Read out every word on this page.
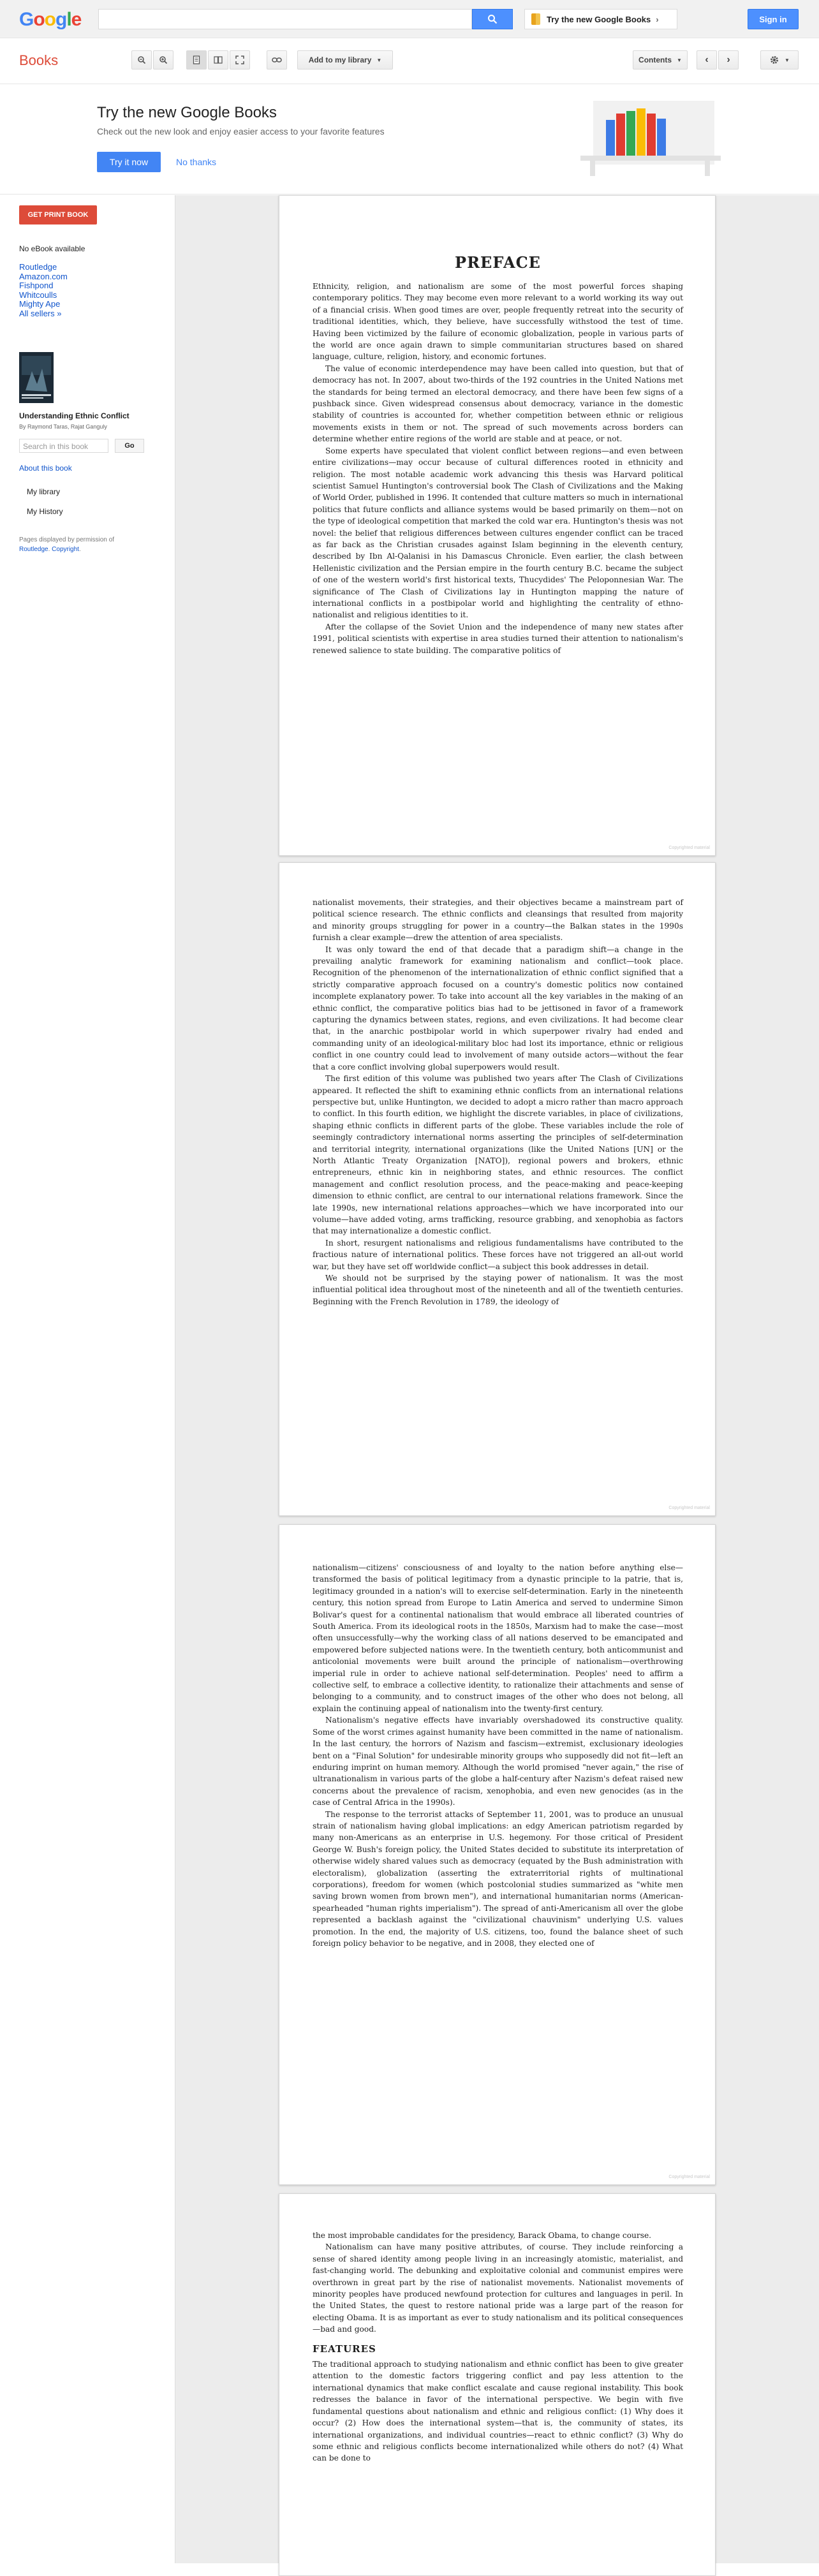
Google	Try the new Google Books ›	Sign in
Books	Add to my library ▼	Contents ▼ ‹ ›	▼
Try the new Google Books

Check out the new look and enjoy easier access to your favorite features

Try it now	No thanks
GET PRINT BOOK
No eBook available
Routledge
Amazon.com
Fishpond
Whitcoulls
Mighty Ape
All sellers »
Understanding Ethnic Conflict
By Raymond Taras, Rajat Ganguly
Search in this book	Go
About this book
My library
My History
Pages displayed by permission of
Routledge. Copyright.
PREFACE

Ethnicity, religion, and nationalism are some of the most powerful forces shaping contemporary politics. They may become even more relevant to a world working its way out of a financial crisis. When good times are over, people frequently retreat into the security of traditional identities, which, they believe, have successfully withstood the test of time. Having been victimized by the failure of economic globalization, people in various parts of the world are once again drawn to simple communitarian structures based on shared language, culture, religion, history, and economic fortunes.

The value of economic interdependence may have been called into question, but that of democracy has not. In 2007, about two-thirds of the 192 countries in the United Nations met the standards for being termed an electoral democracy, and there have been few signs of a pushback since. Given widespread consensus about democracy, variance in the domestic stability of countries is accounted for, whether competition between ethnic or religious movements exists in them or not. The spread of such movements across borders can determine whether entire regions of the world are stable and at peace, or not.

Some experts have speculated that violent conflict between regions—and even between entire civilizations—may occur because of cultural differences rooted in ethnicity and religion. The most notable academic work advancing this thesis was Harvard political scientist Samuel Huntington's controversial book The Clash of Civilizations and the Making of World Order, published in 1996. It contended that culture matters so much in international politics that future conflicts and alliance systems would be based primarily on them—not on the type of ideological competition that marked the cold war era. Huntington's thesis was not novel: the belief that religious differences between cultures engender conflict can be traced as far back as the Christian crusades against Islam beginning in the eleventh century, described by Ibn Al-Qalanisi in his Damascus Chronicle. Even earlier, the clash between Hellenistic civilization and the Persian empire in the fourth century B.C. became the subject of one of the western world's first historical texts, Thucydides' The Peloponnesian War. The significance of The Clash of Civilizations lay in Huntington mapping the nature of international conflicts in a postbipolar world and highlighting the centrality of ethno-nationalist and religious identities to it.

After the collapse of the Soviet Union and the independence of many new states after 1991, political scientists with expertise in area studies turned their attention to nationalism's renewed salience to state building. The comparative politics of

Copyrighted material

nationalist movements, their strategies, and their objectives became a mainstream part of political science research. The ethnic conflicts and cleansings that resulted from majority and minority groups struggling for power in a country—the Balkan states in the 1990s furnish a clear example—drew the attention of area specialists.

It was only toward the end of that decade that a paradigm shift—a change in the prevailing analytic framework for examining nationalism and conflict—took place. Recognition of the phenomenon of the internationalization of ethnic conflict signified that a strictly comparative approach focused on a country's domestic politics now contained incomplete explanatory power. To take into account all the key variables in the making of an ethnic conflict, the comparative politics bias had to be jettisoned in favor of a framework capturing the dynamics between states, regions, and even civilizations. It had become clear that, in the anarchic postbipolar world in which superpower rivalry had ended and commanding unity of an ideological-military bloc had lost its importance, ethnic or religious conflict in one country could lead to involvement of many outside actors—without the fear that a core conflict involving global superpowers would result.

The first edition of this volume was published two years after The Clash of Civilizations appeared. It reflected the shift to examining ethnic conflicts from an international relations perspective but, unlike Huntington, we decided to adopt a micro rather than macro approach to conflict. In this fourth edition, we highlight the discrete variables, in place of civilizations, shaping ethnic conflicts in different parts of the globe. These variables include the role of seemingly contradictory international norms asserting the principles of self-determination and territorial integrity, international organizations (like the United Nations [UN] or the North Atlantic Treaty Organization [NATO]), regional powers and brokers, ethnic entrepreneurs, ethnic kin in neighboring states, and ethnic resources. The conflict management and conflict resolution process, and the peace-making and peace-keeping dimension to ethnic conflict, are central to our international relations framework. Since the late 1990s, new international relations approaches—which we have incorporated into our volume—have added voting, arms trafficking, resource grabbing, and xenophobia as factors that may internationalize a domestic conflict.

In short, resurgent nationalisms and religious fundamentalisms have contributed to the fractious nature of international politics. These forces have not triggered an all-out world war, but they have set off worldwide conflict—a subject this book addresses in detail.

We should not be surprised by the staying power of nationalism. It was the most influential political idea throughout most of the nineteenth and all of the twentieth centuries. Beginning with the French Revolution in 1789, the ideology of

Copyrighted material

nationalism—citizens' consciousness of and loyalty to the nation before anything else—transformed the basis of political legitimacy from a dynastic principle to la patrie, that is, legitimacy grounded in a nation's will to exercise self-determination. Early in the nineteenth century, this notion spread from Europe to Latin America and served to undermine Simon Bolivar's quest for a continental nationalism that would embrace all liberated countries of South America. From its ideological roots in the 1850s, Marxism had to make the case—most often unsuccessfully—why the working class of all nations deserved to be emancipated and empowered before subjected nations were. In the twentieth century, both anticommunist and anticolonial movements were built around the principle of nationalism—overthrowing imperial rule in order to achieve national self-determination. Peoples' need to affirm a collective self, to embrace a collective identity, to rationalize their attachments and sense of belonging to a community, and to construct images of the other who does not belong, all explain the continuing appeal of nationalism into the twenty-first century.

Nationalism's negative effects have invariably overshadowed its constructive quality. Some of the worst crimes against humanity have been committed in the name of nationalism. In the last century, the horrors of Nazism and fascism—extremist, exclusionary ideologies bent on a "Final Solution" for undesirable minority groups who supposedly did not fit—left an enduring imprint on human memory. Although the world promised "never again," the rise of ultranationalism in various parts of the globe a half-century after Nazism's defeat raised new concerns about the prevalence of racism, xenophobia, and even new genocides (as in the case of Central Africa in the 1990s).

The response to the terrorist attacks of September 11, 2001, was to produce an unusual strain of nationalism having global implications: an edgy American patriotism regarded by many non-Americans as an enterprise in U.S. hegemony. For those critical of President George W. Bush's foreign policy, the United States decided to substitute its interpretation of otherwise widely shared values such as democracy (equated by the Bush administration with electoralism), globalization (asserting the extraterritorial rights of multinational corporations), freedom for women (which postcolonial studies summarized as "white men saving brown women from brown men"), and international humanitarian norms (American-spearheaded "human rights imperialism"). The spread of anti-Americanism all over the globe represented a backlash against the "civilizational chauvinism" underlying U.S. values promotion. In the end, the majority of U.S. citizens, too, found the balance sheet of such foreign policy behavior to be negative, and in 2008, they elected one of

Copyrighted material

the most improbable candidates for the presidency, Barack Obama, to change course.

Nationalism can have many positive attributes, of course. They include reinforcing a sense of shared identity among people living in an increasingly atomistic, materialist, and fast-changing world. The debunking and exploitative colonial and communist empires were overthrown in great part by the rise of nationalist movements. Nationalist movements of minority peoples have produced newfound protection for cultures and languages in peril. In the United States, the quest to restore national pride was a large part of the reason for electing Obama. It is as important as ever to study nationalism and its political consequences—bad and good.

FEATURES

The traditional approach to studying nationalism and ethnic conflict has been to give greater attention to the domestic factors triggering conflict and pay less attention to the international dynamics that make conflict escalate and cause regional instability. This book redresses the balance in favor of the international perspective. We begin with five fundamental questions about nationalism and ethnic and religious conflict: (1) Why does it occur? (2) How does the international system—that is, the community of states, its international organizations, and individual countries—react to ethnic conflict? (3) Why do some ethnic and religious conflicts become internationalized while others do not? (4) What can be done to
